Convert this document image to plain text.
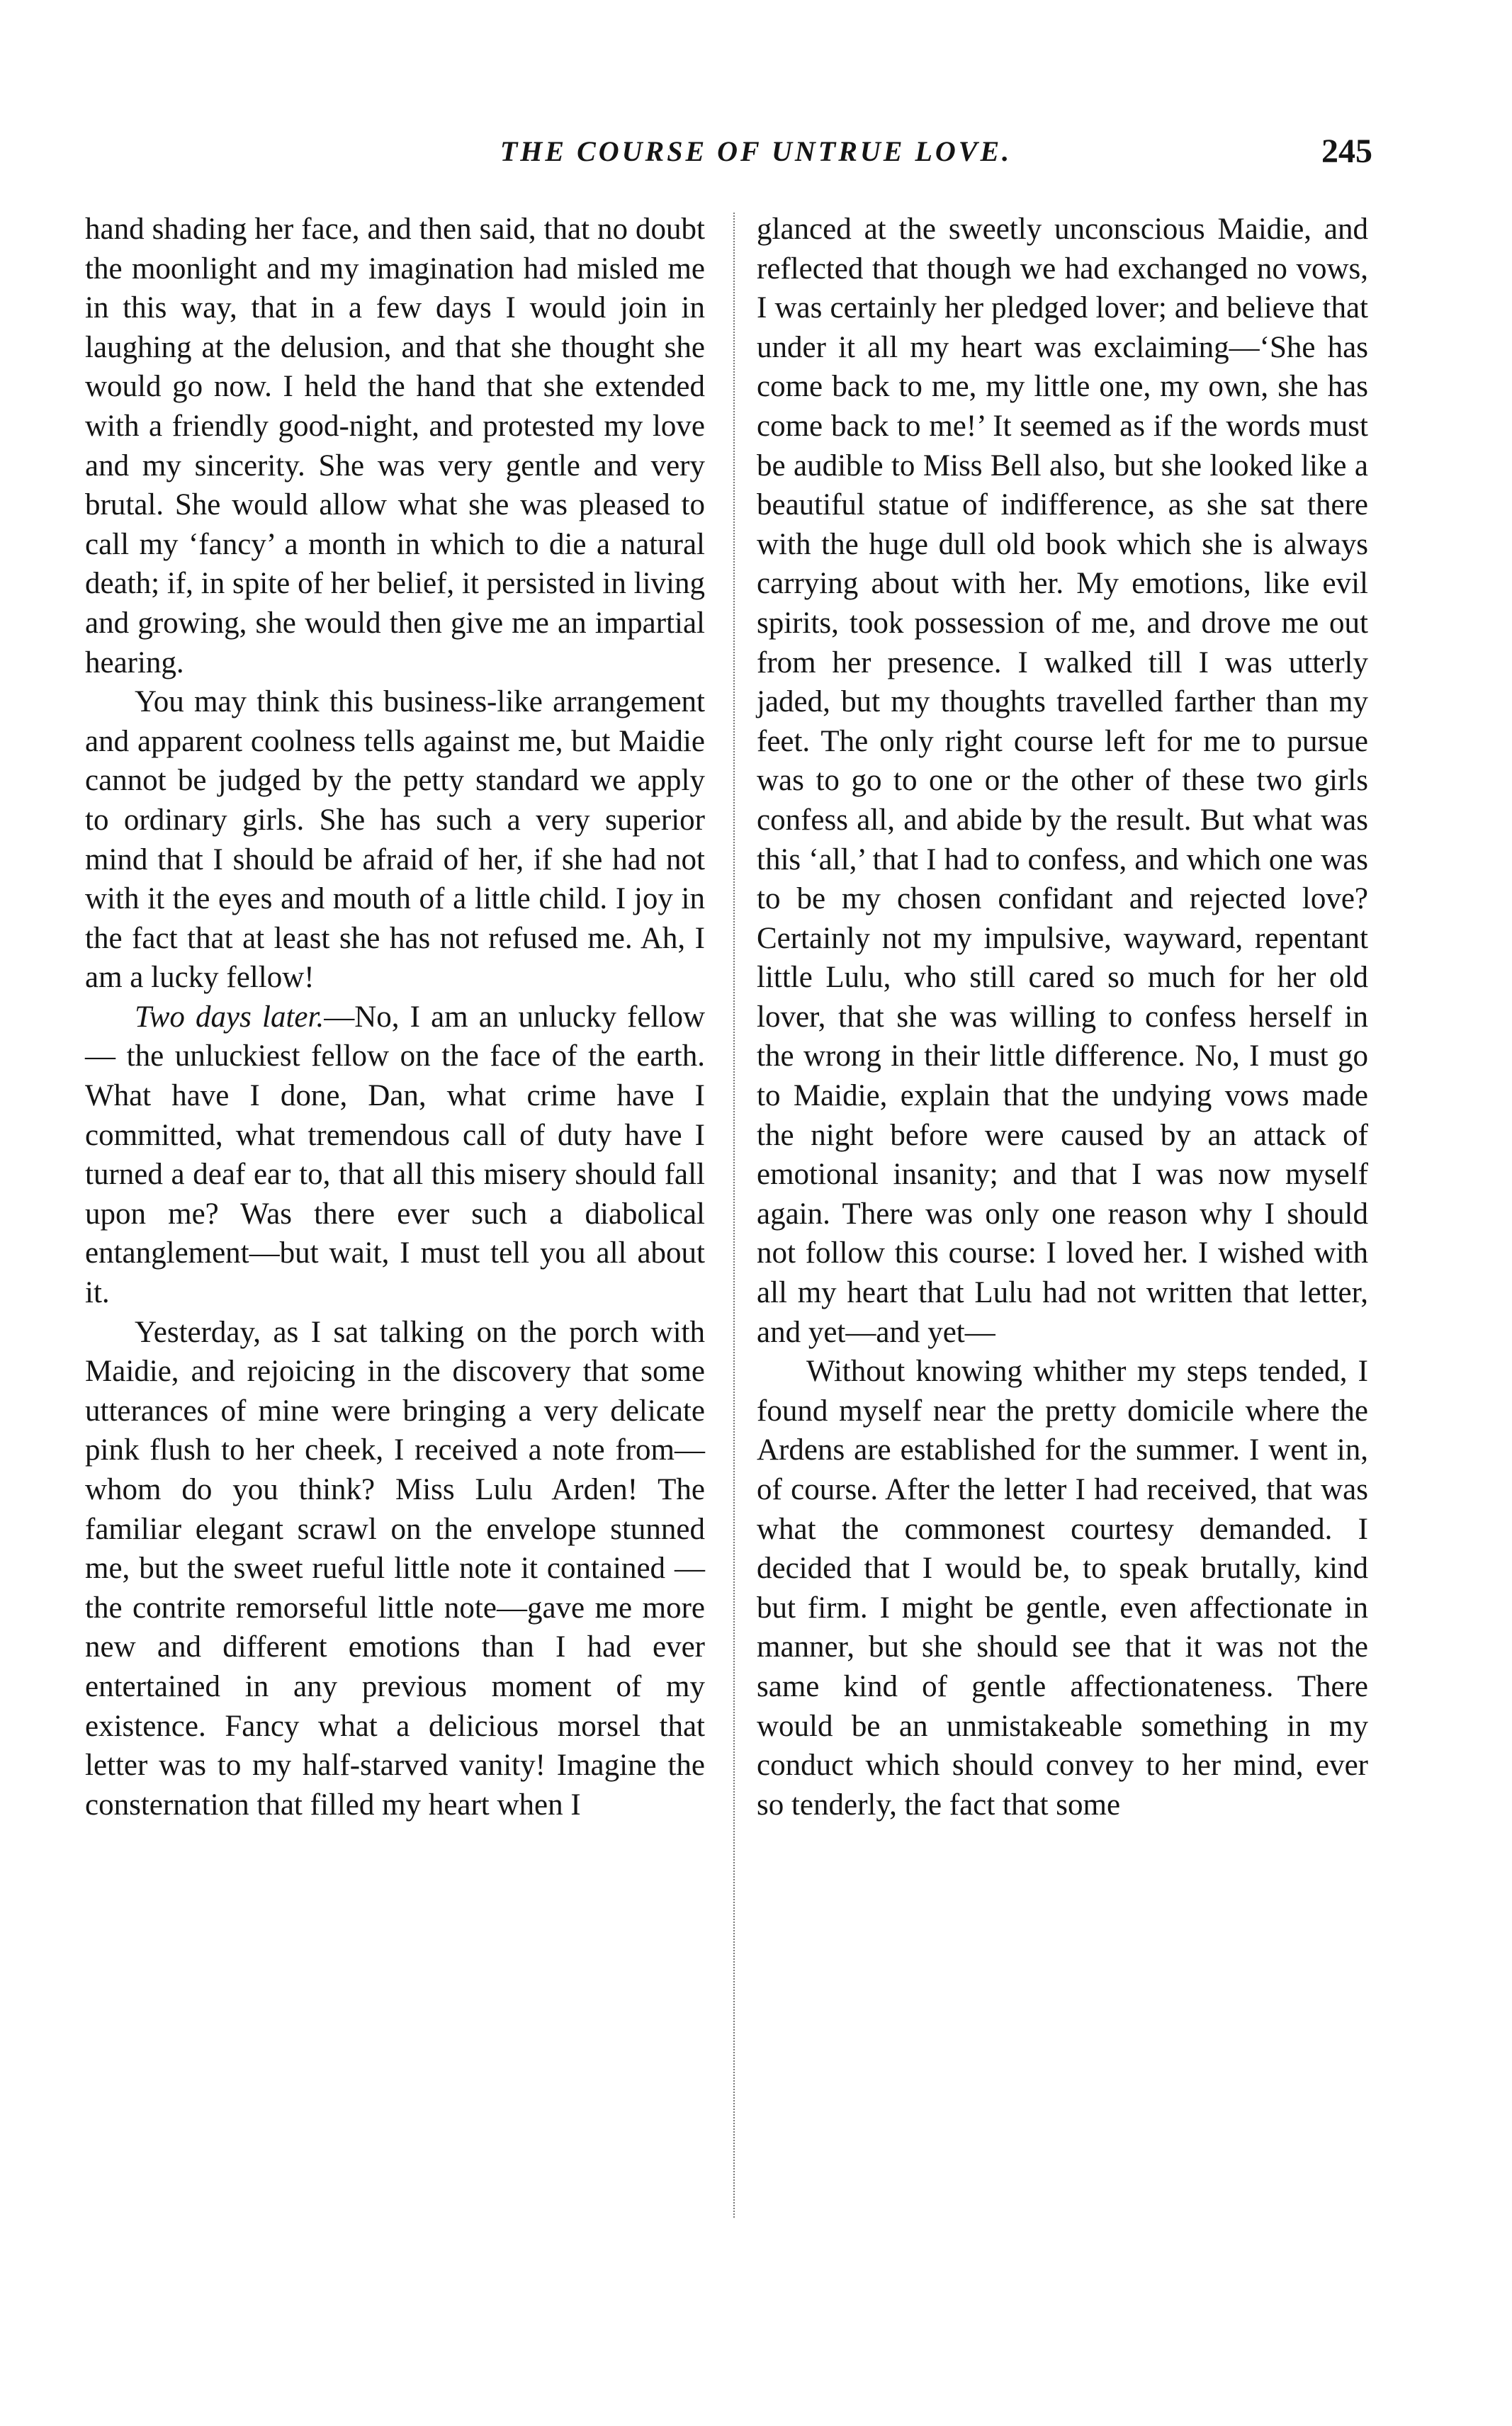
THE COURSE OF UNTRUE LOVE.	245

hand shading her face, and then said, that no doubt the moonlight and my imagination had misled me in this way, that in a few days I would join in laughing at the delusion, and that she thought she would go now. I held the hand that she extended with a friendly good-night, and protested my love and my sincerity. She was very gentle and very brutal. She would allow what she was pleased to call my ‘fancy’ a month in which to die a natural death; if, in spite of her belief, it persisted in living and growing, she would then give me an impartial hearing.

You may think this business-like arrangement and apparent coolness tells against me, but Maidie cannot be judged by the petty standard we apply to ordinary girls. She has such a very superior mind that I should be afraid of her, if she had not with it the eyes and mouth of a little child. I joy in the fact that at least she has not refused me. Ah, I am a lucky fellow!

Two days later.—No, I am an unlucky fellow — the unluckiest fellow on the face of the earth. What have I done, Dan, what crime have I committed, what tremendous call of duty have I turned a deaf ear to, that all this misery should fall upon me? Was there ever such a diabolical entanglement—but wait, I must tell you all about it.

Yesterday, as I sat talking on the porch with Maidie, and rejoicing in the discovery that some utterances of mine were bringing a very delicate pink flush to her cheek, I received a note from— whom do you think? Miss Lulu Arden! The familiar elegant scrawl on the envelope stunned me, but the sweet rueful little note it contained — the contrite remorseful little note—gave me more new and different emotions than I had ever entertained in any previous moment of my existence. Fancy what a delicious morsel that letter was to my half-starved vanity! Imagine the consternation that filled my heart when I

glanced at the sweetly unconscious Maidie, and reflected that though we had exchanged no vows, I was certainly her pledged lover; and believe that under it all my heart was exclaiming—‘She has come back to me, my little one, my own, she has come back to me!’ It seemed as if the words must be audible to Miss Bell also, but she looked like a beautiful statue of indifference, as she sat there with the huge dull old book which she is always carrying about with her. My emotions, like evil spirits, took possession of me, and drove me out from her presence. I walked till I was utterly jaded, but my thoughts travelled farther than my feet. The only right course left for me to pursue was to go to one or the other of these two girls confess all, and abide by the result. But what was this ‘all,’ that I had to confess, and which one was to be my chosen confidant and rejected love? Certainly not my impulsive, wayward, repentant little Lulu, who still cared so much for her old lover, that she was willing to confess herself in the wrong in their little difference. No, I must go to Maidie, explain that the undying vows made the night before were caused by an attack of emotional insanity; and that I was now myself again. There was only one reason why I should not follow this course: I loved her. I wished with all my heart that Lulu had not written that letter, and yet—and yet—

Without knowing whither my steps tended, I found myself near the pretty domicile where the Ardens are established for the summer. I went in, of course. After the letter I had received, that was what the commonest courtesy demanded. I decided that I would be, to speak brutally, kind but firm. I might be gentle, even affectionate in manner, but she should see that it was not the same kind of gentle affectionateness. There would be an unmistakeable something in my conduct which should convey to her mind, ever so tenderly, the fact that some
